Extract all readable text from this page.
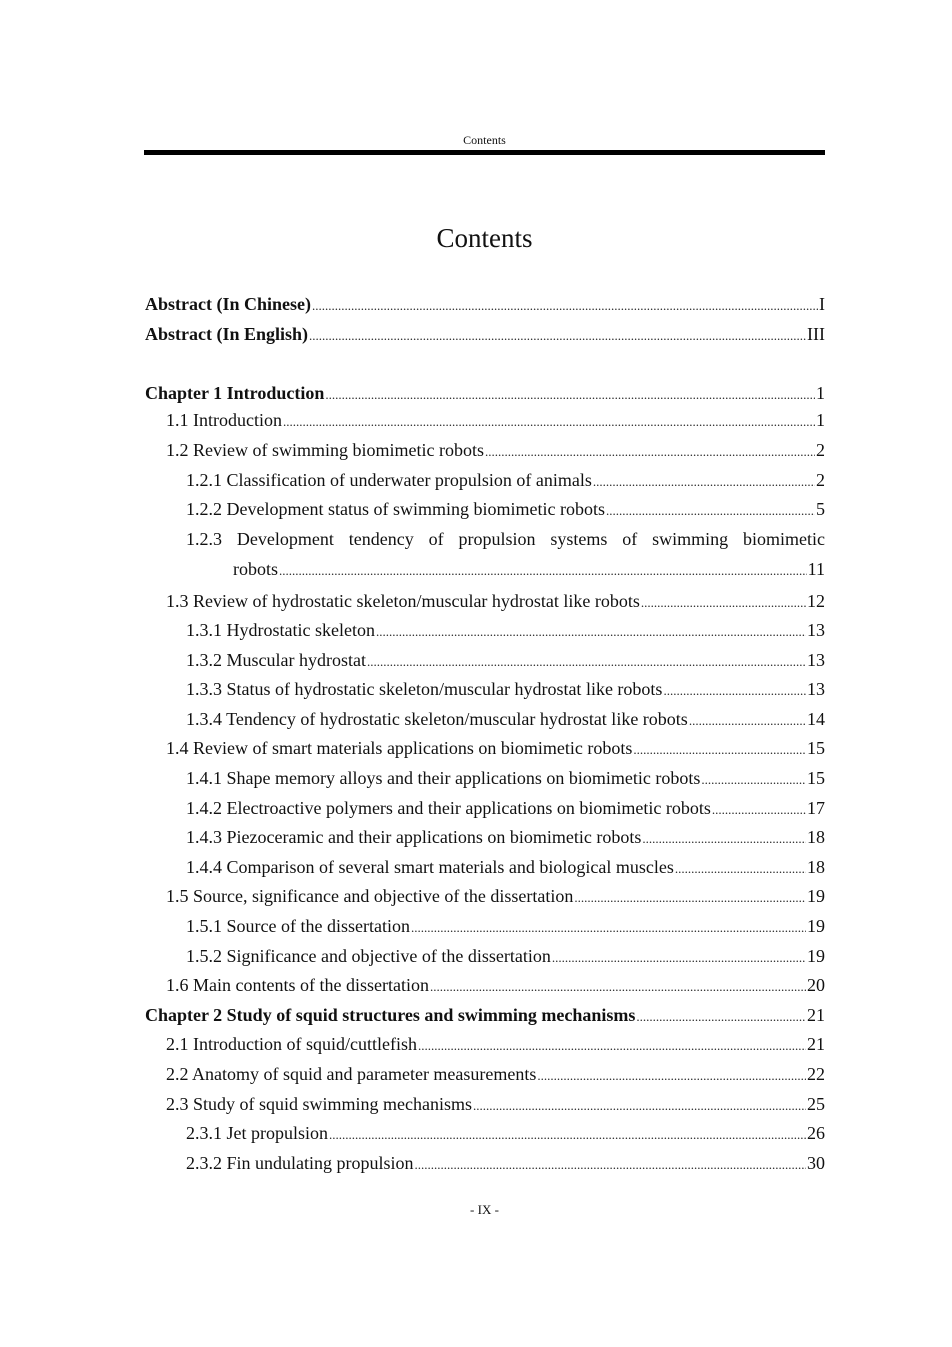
Contents
Contents
Abstract (In Chinese) .....	I
Abstract (In English) .....	III
Chapter 1 Introduction .....	1
1.1 Introduction .....	1
1.2 Review of swimming biomimetic robots .....	2
1.2.1 Classification of underwater propulsion of animals .....	2
1.2.2 Development status of swimming biomimetic robots .....	5
1.2.3 Development tendency of propulsion systems of swimming biomimetic
robots .....	11
1.3 Review of hydrostatic skeleton/muscular hydrostat like robots .....	12
1.3.1 Hydrostatic skeleton .....	13
1.3.2 Muscular hydrostat .....	13
1.3.3 Status of hydrostatic skeleton/muscular hydrostat like robots .....	13
1.3.4 Tendency of hydrostatic skeleton/muscular hydrostat like robots .....	14
1.4 Review of smart materials applications on biomimetic robots .....	15
1.4.1 Shape memory alloys and their applications on biomimetic robots .....	15
1.4.2 Electroactive polymers and their applications on biomimetic robots .....	17
1.4.3 Piezoceramic and their applications on biomimetic robots .....	18
1.4.4 Comparison of several smart materials and biological muscles .....	18
1.5 Source, significance and objective of the dissertation .....	19
1.5.1 Source of the dissertation .....	19
1.5.2 Significance and objective of the dissertation .....	19
1.6 Main contents of the dissertation .....	20
Chapter 2 Study of squid structures and swimming mechanisms .....	21
2.1 Introduction of squid/cuttlefish .....	21
2.2 Anatomy of squid and parameter measurements .....	22
2.3 Study of squid swimming mechanisms .....	25
2.3.1 Jet propulsion .....	26
2.3.2 Fin undulating propulsion .....	30
- IX -
